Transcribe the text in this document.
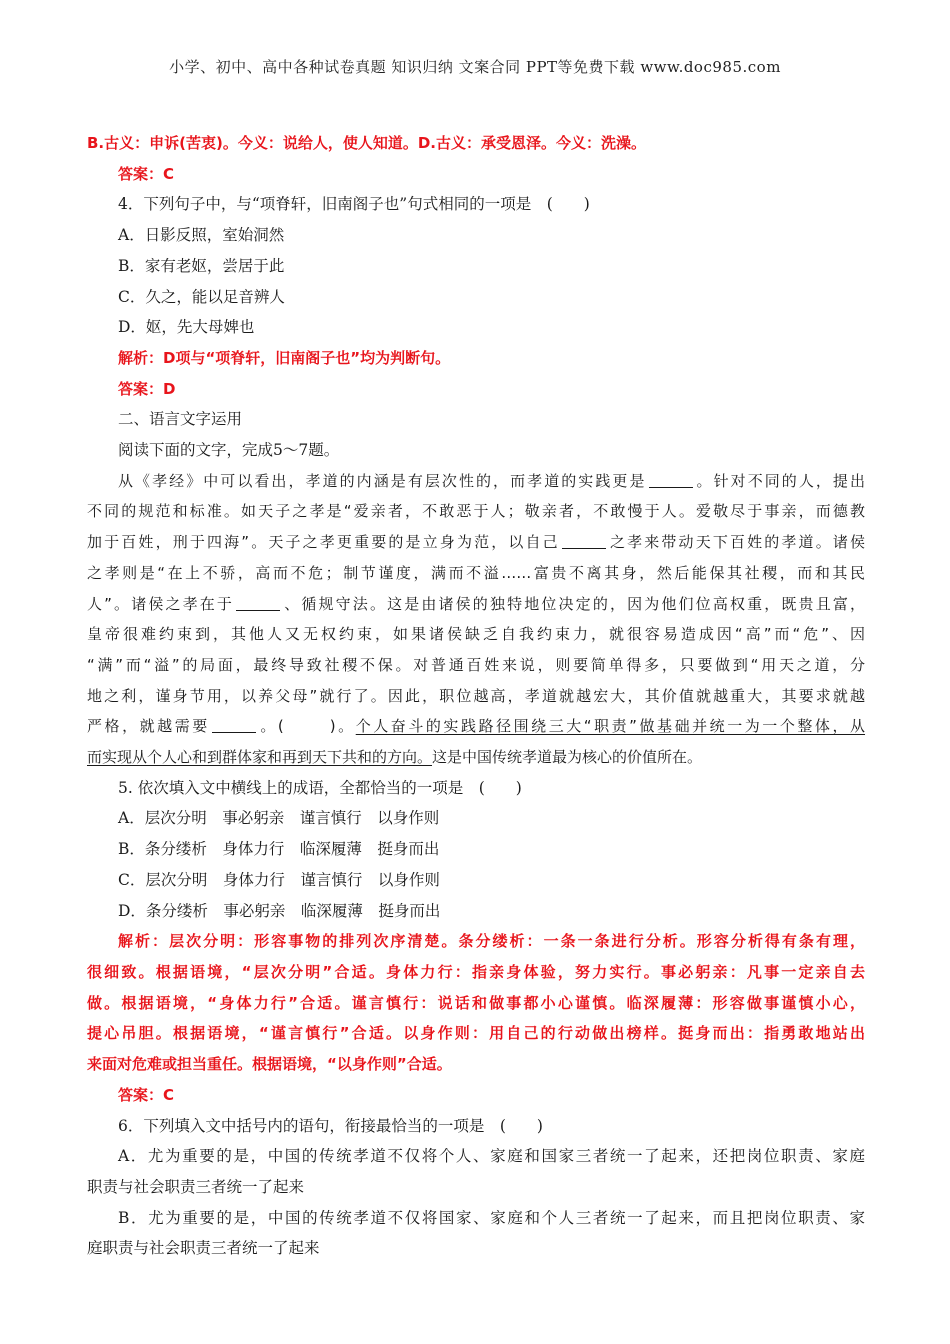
小学、初中、高中各种试卷真题 知识归纳 文案合同 PPT等免费下载 www.doc985.com
B.古义：申诉(苦衷)。今义：说给人，使人知道。D.古义：承受恩泽。今义：洗澡。
答案：C
4．下列句子中，与“项脊轩，旧南阁子也”句式相同的一项是　(　　)
A．日影反照，室始洞然
B．家有老妪，尝居于此
C．久之，能以足音辨人
D．妪，先大母婢也
解析：D项与“项脊轩，旧南阁子也”均为判断句。
答案：D
二、语言文字运用
阅读下面的文字，完成5～7题。
从《孝经》中可以看出，孝道的内涵是有层次性的，而孝道的实践更是	。针对不同的人，提出
不同的规范和标准。如天子之孝是“爱亲者，不敢恶于人；敬亲者，不敢慢于人。爱敬尽于事亲，而德教
加于百姓，刑于四海”。天子之孝更重要的是立身为范，以自己	之孝来带动天下百姓的孝道。诸侯
之孝则是“在上不骄，高而不危；制节谨度，满而不溢……富贵不离其身，然后能保其社稷，而和其民
人”。诸侯之孝在于	、循规守法。这是由诸侯的独特地位决定的，因为他们位高权重，既贵且富，
皇帝很难约束到，其他人又无权约束，如果诸侯缺乏自我约束力，就很容易造成因“高”而“危”、因
“满”而“溢”的局面，最终导致社稷不保。对普通百姓来说，则要简单得多，只要做到“用天之道，分
地之利，谨身节用，以养父母”就行了。因此，职位越高，孝道就越宏大，其价值就越重大，其要求就越
严格，就越需要	。(	)。个人奋斗的实践路径围绕三大“职责”做基础并统一为一个整体，从
而实现从个人心和到群体家和再到天下共和的方向。这是中国传统孝道最为核心的价值所在。
5. 依次填入文中横线上的成语，全都恰当的一项是　(　　)
A．层次分明　事必躬亲　谨言慎行　以身作则
B．条分缕析　身体力行　临深履薄　挺身而出
C．层次分明　身体力行　谨言慎行　以身作则
D．条分缕析　事必躬亲　临深履薄　挺身而出
解析：层次分明：形容事物的排列次序清楚。条分缕析：一条一条进行分析。形容分析得有条有理，
很细致。根据语境，“层次分明”合适。身体力行：指亲身体验，努力实行。事必躬亲：凡事一定亲自去
做。根据语境，“身体力行”合适。谨言慎行：说话和做事都小心谨慎。临深履薄：形容做事谨慎小心，
提心吊胆。根据语境，“谨言慎行”合适。以身作则：用自己的行动做出榜样。挺身而出：指勇敢地站出
来面对危难或担当重任。根据语境，“以身作则”合适。
答案：C
6．下列填入文中括号内的语句，衔接最恰当的一项是　(　　)
A．尤为重要的是，中国的传统孝道不仅将个人、家庭和国家三者统一了起来，还把岗位职责、家庭
职责与社会职责三者统一了起来
B．尤为重要的是，中国的传统孝道不仅将国家、家庭和个人三者统一了起来，而且把岗位职责、家
庭职责与社会职责三者统一了起来
